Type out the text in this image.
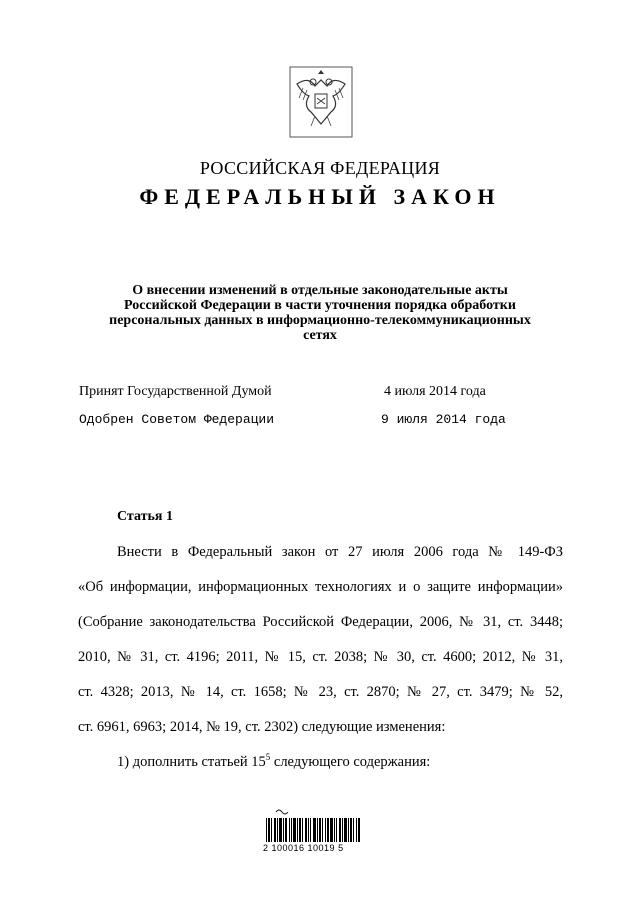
РОССИЙСКАЯ ФЕДЕРАЦИЯ
ФЕДЕРАЛЬНЫЙ ЗАКОН
О внесении изменений в отдельные законодательные акты
Российской Федерации в части уточнения порядка обработки
персональных данных в информационно-телекоммуникационных
сетях
Принят Государственной Думой	4 июля 2014 года
Одобрен Советом Федерации	9 июля 2014 года
Статья 1
Внести в Федеральный закон от 27 июля 2006 года № 149-ФЗ
«Об информации, информационных технологиях и о защите информации»
(Собрание законодательства Российской Федерации, 2006, № 31, ст. 3448;
2010, № 31, ст. 4196; 2011, № 15, ст. 2038; № 30, ст. 4600; 2012, № 31,
ст. 4328; 2013, № 14, ст. 1658; № 23, ст. 2870; № 27, ст. 3479; № 52,
ст. 6961, 6963; 2014, № 19, ст. 2302) следующие изменения:
1) дополнить статьей $15^5$ следующего содержания:
2 100016 10019 5
